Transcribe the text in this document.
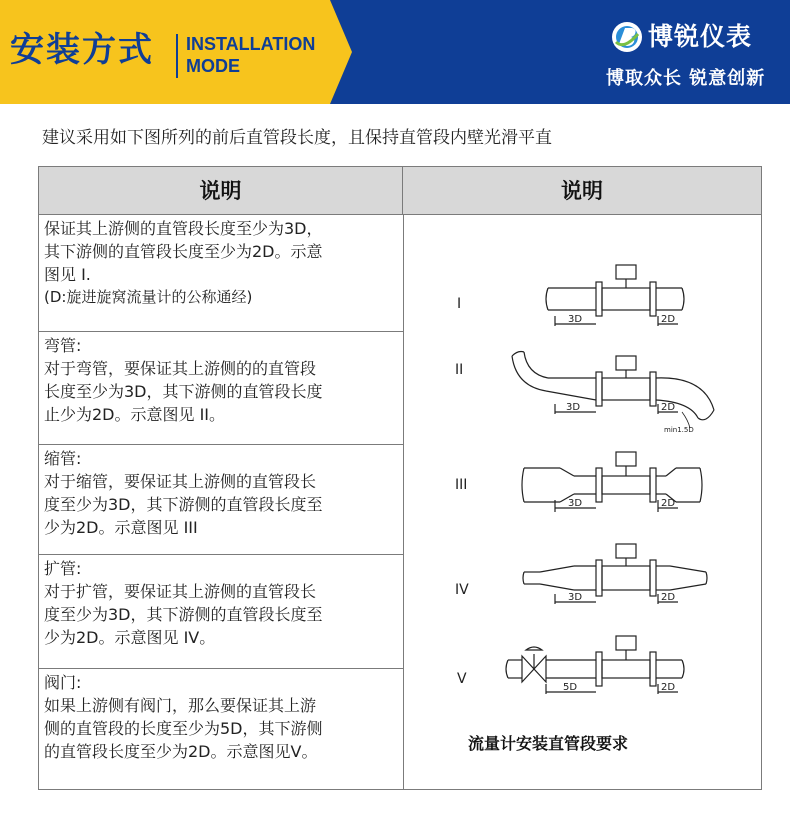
安装方式 INSTALLATION
MODE
博锐仪表
博取众长 锐意创新
建议采用如下图所列的前后直管段长度，且保持直管段内壁光滑平直
说明	说明
保证其上游侧的直管段长度至少为3D，
其下游侧的直管段长度至少为2D。示意
图见 I.
(D:旋进旋窝流量计的公称通经)
弯管:
对于弯管，要保证其上游侧的的直管段
长度至少为3D，其下游侧的直管段长度
止少为2D。示意图见 II。
缩管:
对于缩管，要保证其上游侧的直管段长
度至少为3D，其下游侧的直管段长度至
少为2D。示意图见 III
扩管:
对于扩管，要保证其上游侧的直管段长
度至少为3D，其下游侧的直管段长度至
少为2D。示意图见 IV。
阀门:
如果上游侧有阀门，那么要保证其上游
侧的直管段的长度至少为5D，其下游侧
的直管段长度至少为2D。示意图见V。
3D	2D
3D	2D
min1.5D
3D	2D
3D	2D
5D	2D
I
II
III
IV
V
流量计安装直管段要求
